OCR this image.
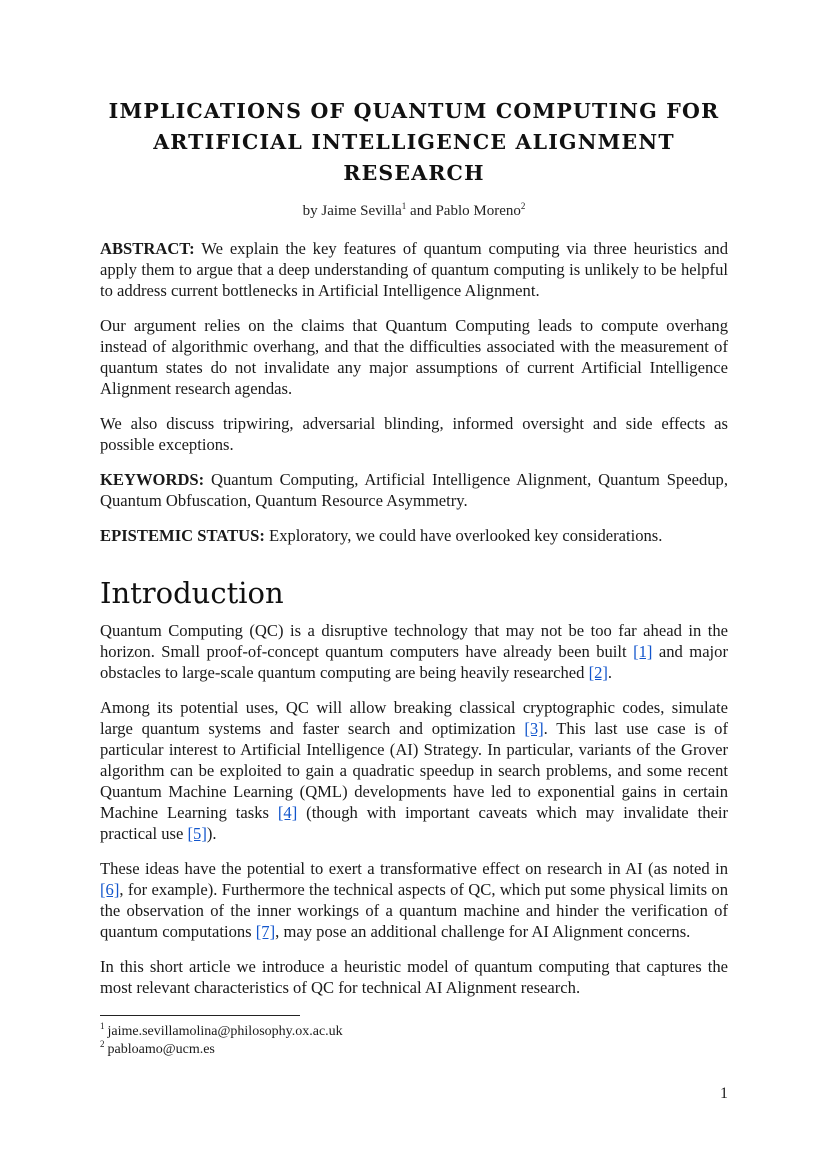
IMPLICATIONS OF QUANTUM COMPUTING FOR
ARTIFICIAL INTELLIGENCE ALIGNMENT RESEARCH
by Jaime Sevilla$^1$ and Pablo Moreno$^2$

ABSTRACT: We explain the key features of quantum computing via three heuristics and apply them to argue that a deep understanding of quantum computing is unlikely to be helpful to address current bottlenecks in Artificial Intelligence Alignment.

Our argument relies on the claims that Quantum Computing leads to compute overhang instead of algorithmic overhang, and that the difficulties associated with the measurement of quantum states do not invalidate any major assumptions of current Artificial Intelligence Alignment research agendas.

We also discuss tripwiring, adversarial blinding, informed oversight and side effects as possible exceptions.

KEYWORDS: Quantum Computing, Artificial Intelligence Alignment, Quantum Speedup, Quantum Obfuscation, Quantum Resource Asymmetry.

EPISTEMIC STATUS: Exploratory, we could have overlooked key considerations.

Introduction

Quantum Computing (QC) is a disruptive technology that may not be too far ahead in the horizon. Small proof-of-concept quantum computers have already been built [1] and major obstacles to large-scale quantum computing are being heavily researched [2].

Among its potential uses, QC will allow breaking classical cryptographic codes, simulate large quantum systems and faster search and optimization [3]. This last use case is of particular interest to Artificial Intelligence (AI) Strategy. In particular, variants of the Grover algorithm can be exploited to gain a quadratic speedup in search problems, and some recent Quantum Machine Learning (QML) developments have led to exponential gains in certain Machine Learning tasks [4] (though with important caveats which may invalidate their practical use [5]).

These ideas have the potential to exert a transformative effect on research in AI (as noted in [6], for example). Furthermore the technical aspects of QC, which put some physical limits on the observation of the inner workings of a quantum machine and hinder the verification of quantum computations [7], may pose an additional challenge for AI Alignment concerns.

In this short article we introduce a heuristic model of quantum computing that captures the most relevant characteristics of QC for technical AI Alignment research.

$^1$ jaime.sevillamolina@philosophy.ox.ac.uk
$^2$ pabloamo@ucm.es
1
